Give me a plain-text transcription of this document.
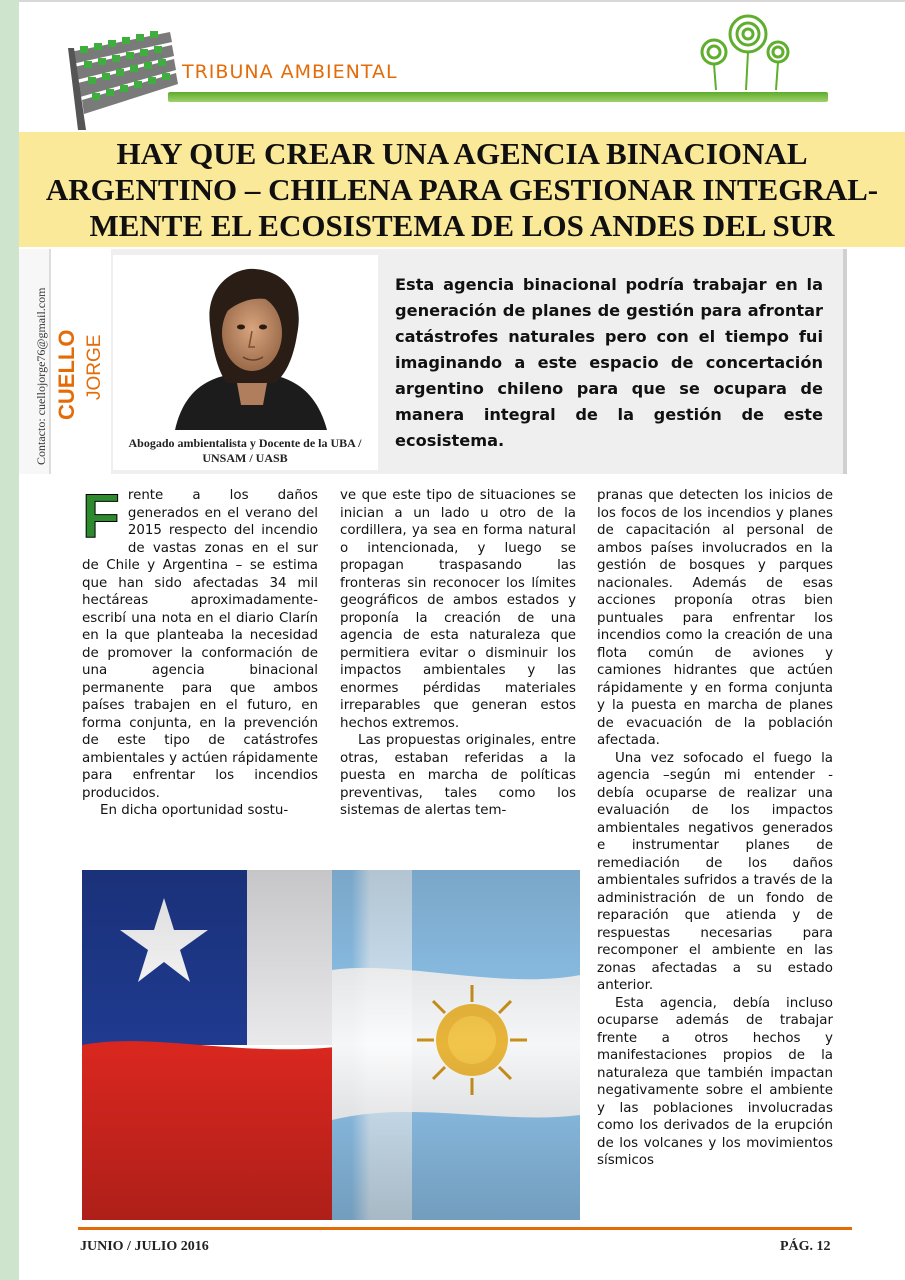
TRIBUNA AMBIENTAL
HAY QUE CREAR UNA AGENCIA BINACIONAL ARGENTINO – CHILENA PARA GESTIONAR INTEGRAL-MENTE EL ECOSISTEMA DE LOS ANDES DEL SUR
Contacto: cuellojorge76@gmail.com CUELLO JORGE
Abogado ambientalista y Docente de la UBA / UNSAM / UASB
Esta agencia binacional podría trabajar en la generación de planes de gestión para afrontar catástrofes naturales pero con el tiempo fui imaginando a este espacio de concertación argentino chileno para que se ocupara de manera integral de la gestión de este ecosistema.
F rente a los daños generados en el verano del 2015 respecto del incendio de vastas zonas en el sur de Chile y Argentina – se estima que han sido afectadas 34 mil hectáreas aproximadamente- escribí una nota en el diario Clarín en la que planteaba la necesidad de promover la conformación de una agencia binacional permanente para que ambos países trabajen en el futuro, en forma conjunta, en la prevención de este tipo de catástrofes ambientales y actúen rápidamente para enfrentar los incendios producidos.

En dicha oportunidad sostu-

ve que este tipo de situaciones se inician a un lado u otro de la cordillera, ya sea en forma natural o intencionada, y luego se propagan traspasando las fronteras sin reconocer los límites geográficos de ambos estados y proponía la creación de una agencia de esta naturaleza que permitiera evitar o disminuir los impactos ambientales y las enormes pérdidas materiales irreparables que generan estos hechos extremos.

Las propuestas originales, entre otras, estaban referidas a la puesta en marcha de políticas preventivas, tales como los sistemas de alertas tem-

pranas que detecten los inicios de los focos de los incendios y planes de capacitación al personal de ambos países involucrados en la gestión de bosques y parques nacionales. Además de esas acciones proponía otras bien puntuales para enfrentar los incendios como la creación de una flota común de aviones y camiones hidrantes que actúen rápidamente y en forma conjunta y la puesta en marcha de planes de evacuación de la población afectada.

Una vez sofocado el fuego la agencia –según mi entender - debía ocuparse de realizar una evaluación de los impactos ambientales negativos generados e instrumentar planes de remediación de los daños ambientales sufridos a través de la administración de un fondo de reparación que atienda y de respuestas necesarias para recomponer el ambiente en las zonas afectadas a su estado anterior.

Esta agencia, debía incluso ocuparse además de trabajar frente a otros hechos y manifestaciones propios de la naturaleza que también impactan negativamente sobre el ambiente y las poblaciones involucradas como los derivados de la erupción de los volcanes y los movimientos sísmicos

JUNIO / JULIO 2016	PÁG. 12
